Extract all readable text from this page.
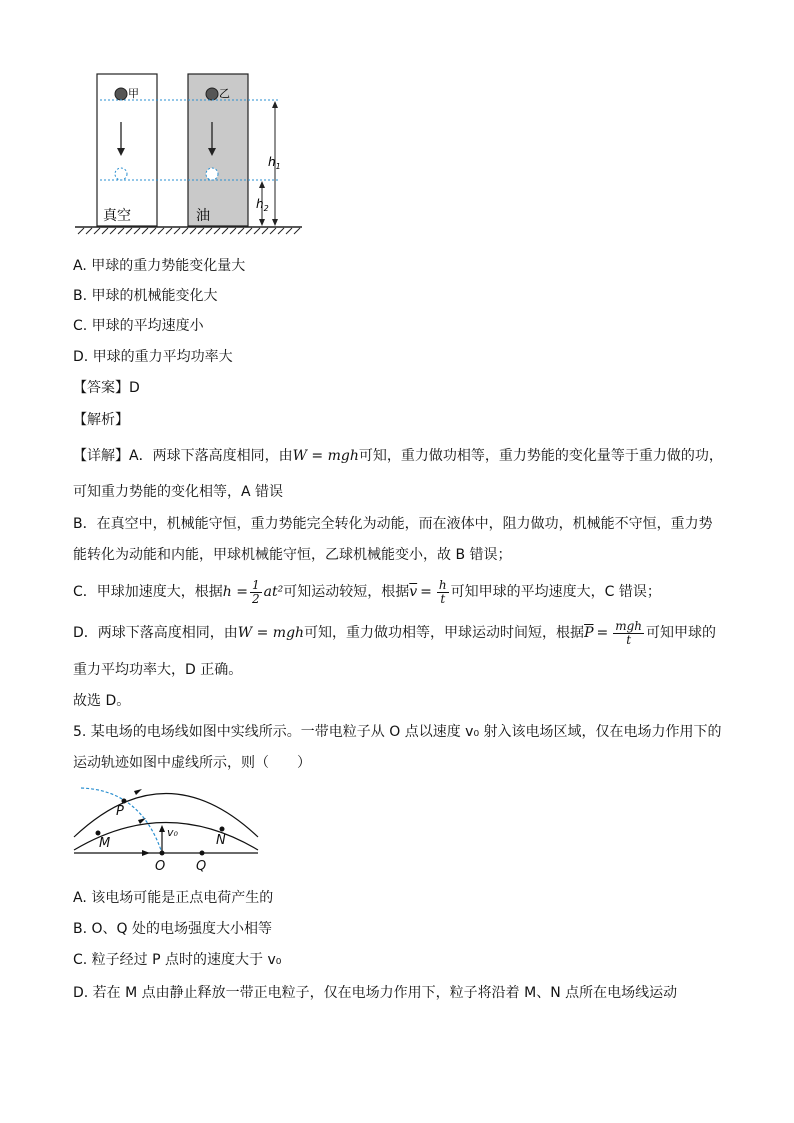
甲	乙
$h_1$
$h_2$
真空	油
A. 甲球的重力势能变化量大
B. 甲球的机械能变化大
C. 甲球的平均速度小
D. 甲球的重力平均功率大
【答案】D
【解析】
【详解】A．两球下落高度相同，由W = mgh可知，重力做功相等，重力势能的变化量等于重力做的功，
可知重力势能的变化相等，A 错误
B．在真空中，机械能守恒，重力势能完全转化为动能，而在液体中，阻力做功，机械能不守恒，重力势
能转化为动能和内能，甲球机械能守恒，乙球机械能变小，故 B 错误；
C．甲球加速度大，根据 $h = \frac{1}{2} at^2$ 可知运动较短，根据 $\overline{v} = \frac{h}{t}$ 可知甲球的平均速度大，C 错误；
D．两球下落高度相同，由 W = mgh 可知，重力做功相等，甲球运动时间短，根据 $\overline{P} = \frac{\text{mgh}}{t}$ 可知甲球的
重力平均功率大，D 正确。
故选 D。
5. 某电场的电场线如图中实线所示。一带电粒子从 O 点以速度 v₀ 射入该电场区域，仅在电场力作用下的
运动轨迹如图中虚线所示，则（　　）
P
M	N
O Q
v₀
A. 该电场可能是正点电荷产生的
B. O、Q 处的电场强度大小相等
C. 粒子经过 P 点时的速度大于 v₀
D. 若在 M 点由静止释放一带正电粒子，仅在电场力作用下，粒子将沿着 M、N 点所在电场线运动
